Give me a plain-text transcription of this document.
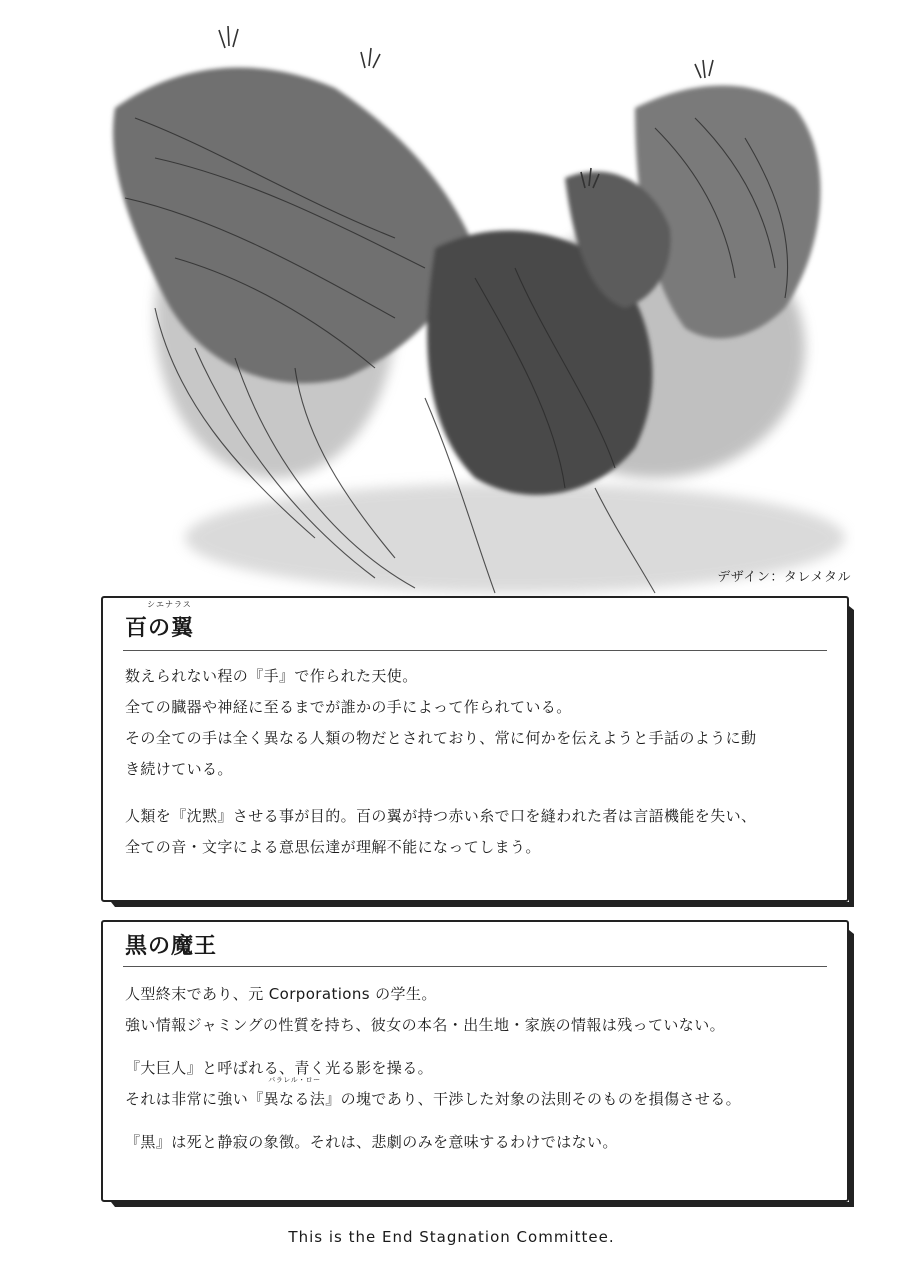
デザイン：タレメタル
シエナラス
百の翼
数えられない程の『手』で作られた天使。
全ての臓器や神経に至るまでが誰かの手によって作られている。
その全ての手は全く異なる人類の物だとされており、常に何かを伝えようと手話のように動
き続けている。
人類を『沈黙』させる事が目的。百の翼が持つ赤い糸で口を縫われた者は言語機能を失い、
全ての音・文字による意思伝達が理解不能になってしまう。
黒の魔王
人型終末であり、元 Corporations の学生。
強い情報ジャミングの性質を持ち、彼女の本名・出生地・家族の情報は残っていない。
『大巨人』と呼ばれる、青く光る影を操る。
それは非常に強い『
パラレル・ロー
異なる法』の塊であり、干渉した対象の法則そのものを損傷させる。
『黒』は死と静寂の象徴。それは、悲劇のみを意味するわけではない。
This is the End Stagnation Committee.
